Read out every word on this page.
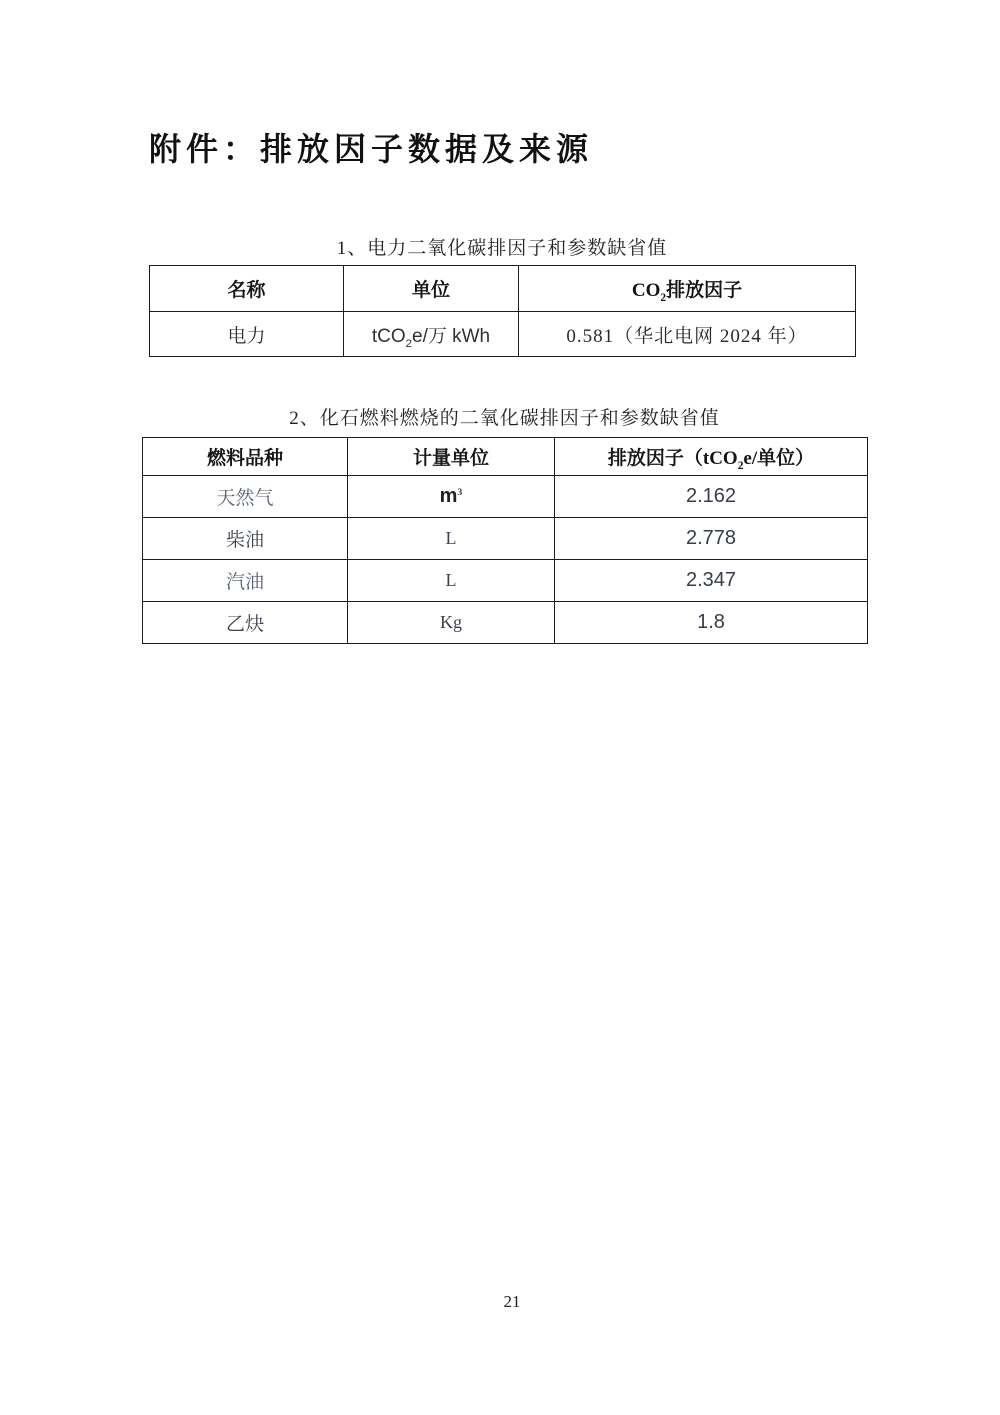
附件：排放因子数据及来源
1、电力二氧化碳排因子和参数缺省值
名称	单位	$CO_2$排放因子
电力	tCO$_2$e/万 kWh	0.581（华北电网 2024 年）
2、化石燃料燃烧的二氧化碳排因子和参数缺省值
燃料品种	计量单位	排放因子（tCO$_2$e/单位）
天然气	$m^3$	2.162
柴油	L	2.778
汽油	L	2.347
乙炔	Kg	1.8
21
